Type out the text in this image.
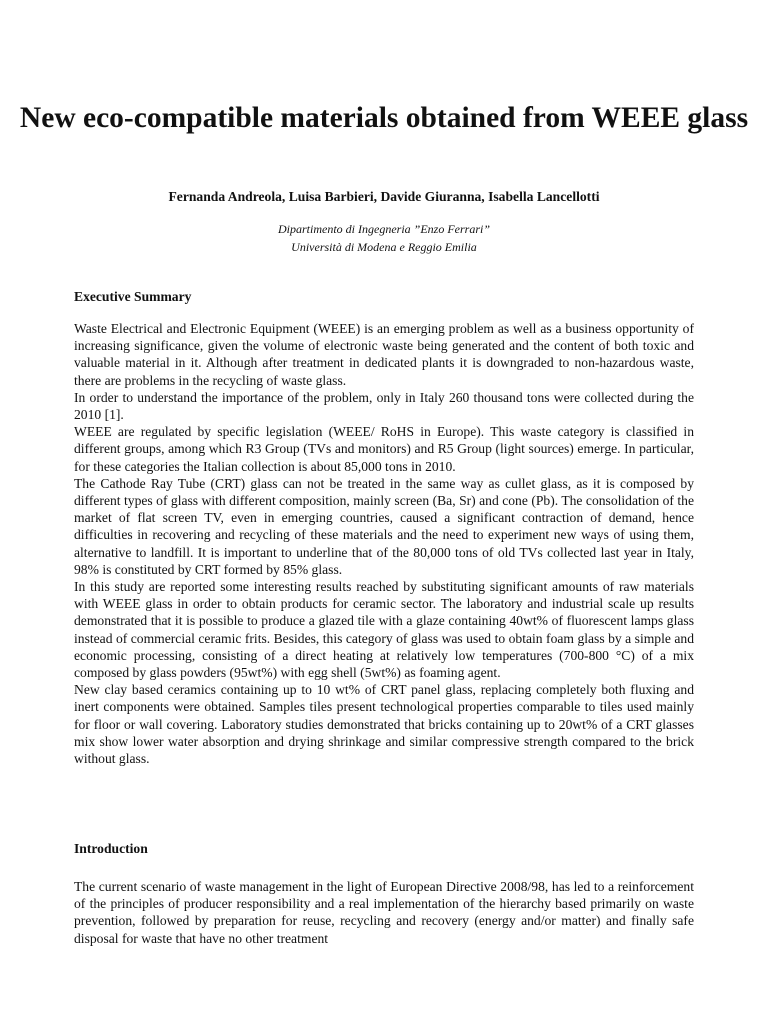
New eco-compatible materials obtained from WEEE glass
Fernanda Andreola, Luisa Barbieri, Davide Giuranna, Isabella Lancellotti
Dipartimento di Ingegneria ”Enzo Ferrari”
Università di Modena e Reggio Emilia
Executive Summary

Waste Electrical and Electronic Equipment (WEEE) is an emerging problem as well as a business opportunity of increasing significance, given the volume of electronic waste being generated and the content of both toxic and valuable material in it. Although after treatment in dedicated plants it is downgraded to non-hazardous waste, there are problems in the recycling of waste glass.

In order to understand the importance of the problem, only in Italy 260 thousand tons were collected during the 2010 [1].

WEEE are regulated by specific legislation (WEEE/ RoHS in Europe). This waste category is classified in different groups, among which R3 Group (TVs and monitors) and R5 Group (light sources) emerge. In particular, for these categories the Italian collection is about 85,000 tons in 2010.

The Cathode Ray Tube (CRT) glass can not be treated in the same way as cullet glass, as it is composed by different types of glass with different composition, mainly screen (Ba, Sr) and cone (Pb). The consolidation of the market of flat screen TV, even in emerging countries, caused a significant contraction of demand, hence difficulties in recovering and recycling of these materials and the need to experiment new ways of using them, alternative to landfill. It is important to underline that of the 80,000 tons of old TVs collected last year in Italy, 98% is constituted by CRT formed by 85% glass.

In this study are reported some interesting results reached by substituting significant amounts of raw materials with WEEE glass in order to obtain products for ceramic sector. The laboratory and industrial scale up results demonstrated that it is possible to produce a glazed tile with a glaze containing 40wt% of fluorescent lamps glass instead of commercial ceramic frits. Besides, this category of glass was used to obtain foam glass by a simple and economic processing, consisting of a direct heating at relatively low temperatures (700-800 °C) of a mix composed by glass powders (95wt%) with egg shell (5wt%) as foaming agent.

New clay based ceramics containing up to 10 wt% of CRT panel glass, replacing completely both fluxing and inert components were obtained. Samples tiles present technological properties comparable to tiles used mainly for floor or wall covering. Laboratory studies demonstrated that bricks containing up to 20wt% of a CRT glasses mix show lower water absorption and drying shrinkage and similar compressive strength compared to the brick without glass.

Introduction

The current scenario of waste management in the light of European Directive 2008/98, has led to a reinforcement of the principles of producer responsibility and a real implementation of the hierarchy based primarily on waste prevention, followed by preparation for reuse, recycling and recovery (energy and/or matter) and finally safe disposal for waste that have no other treatment
